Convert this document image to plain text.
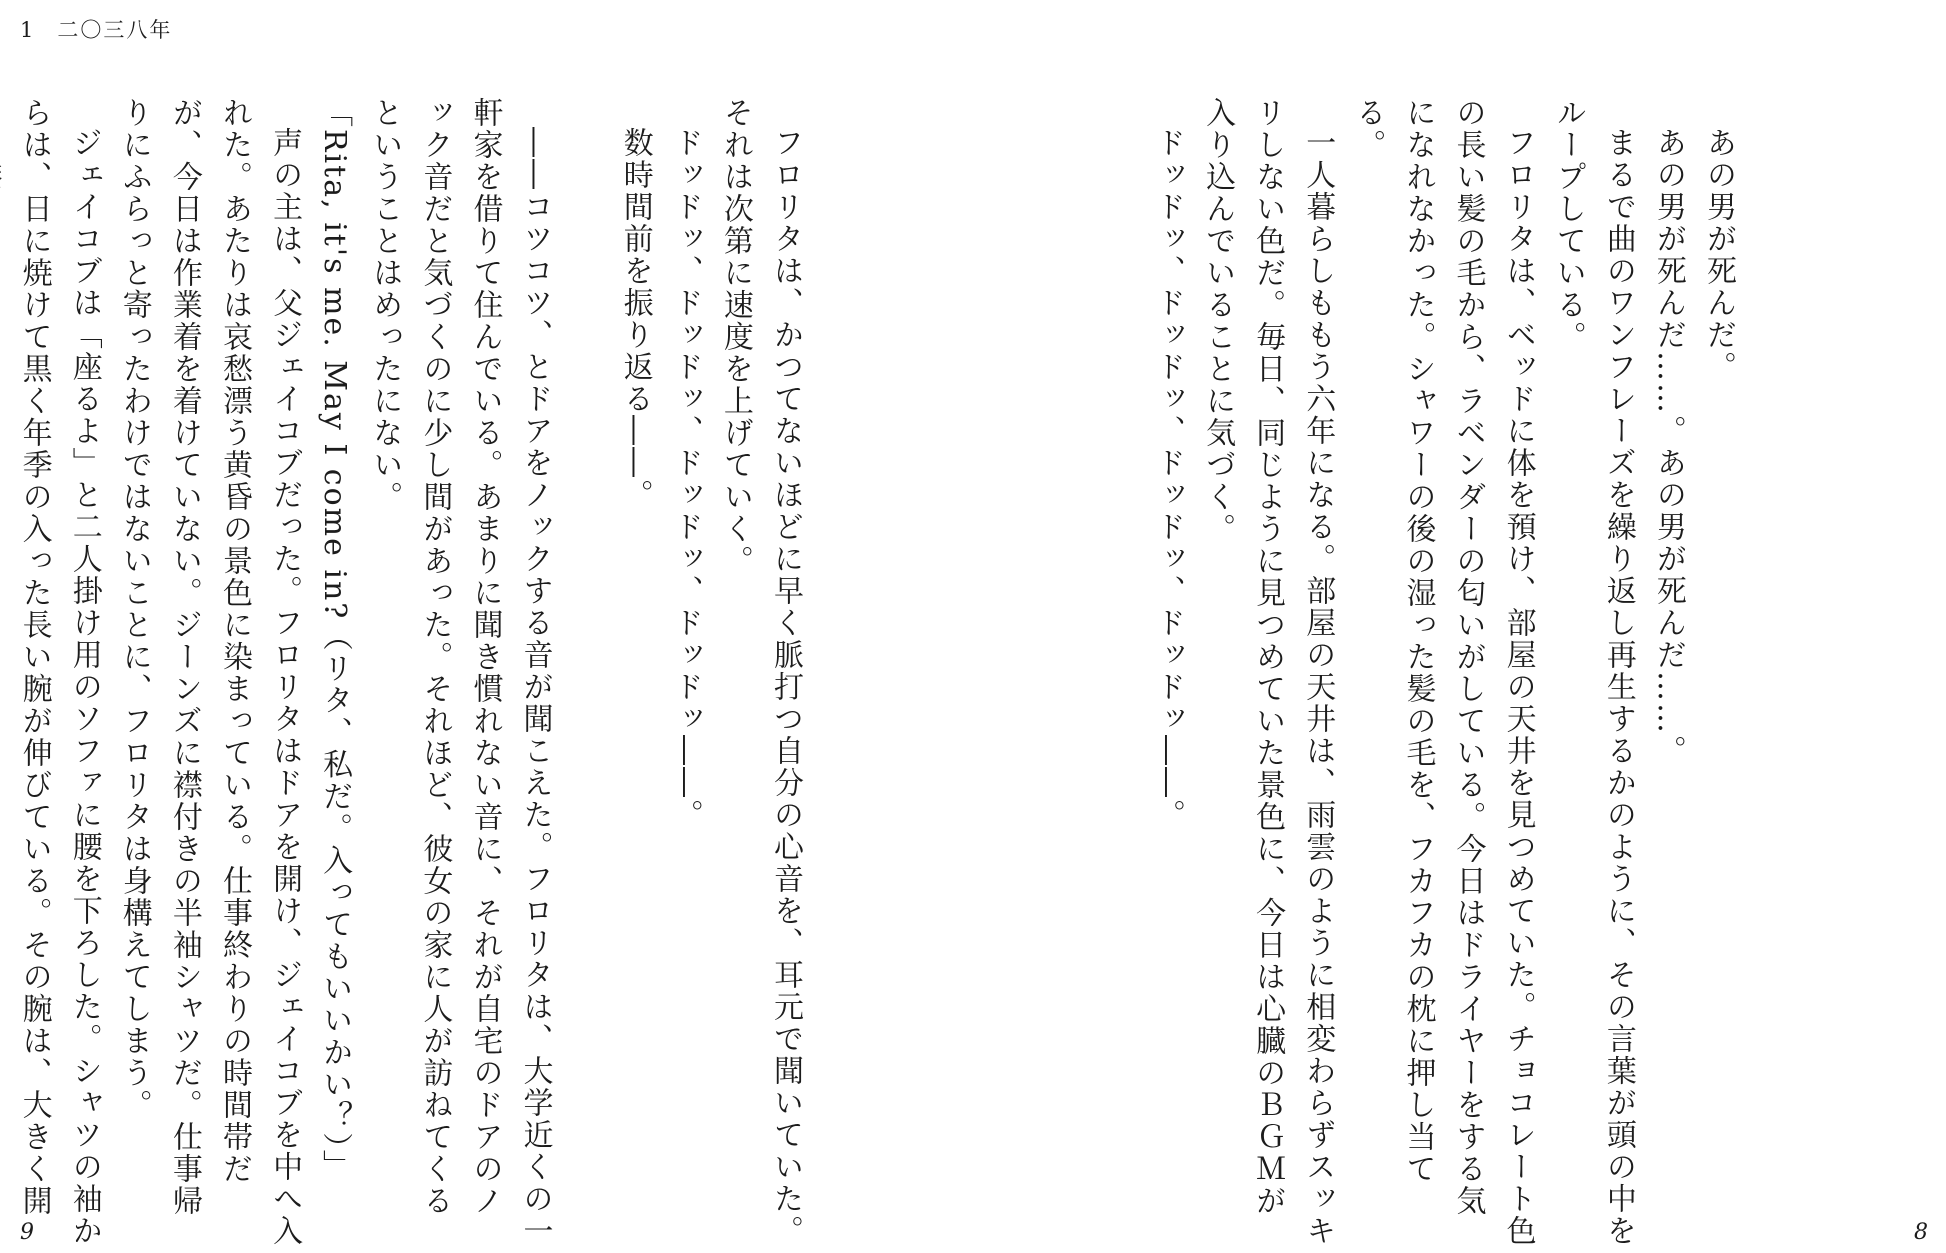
1 二〇三八年

あの男が死んだ。

あの男が死んだ……。あの男が死んだ……。

まるで曲のワンフレーズを繰り返し再生するかのように、その言葉が頭の中をループしている。

フロリタは、ベッドに体を預け、部屋の天井を見つめていた。チョコレート色の長い髪の毛から、ラベンダーの匂いがしている。今日はドライヤーをする気になれなかった。シャワーの後の湿った髪の毛を、フカフカの枕に押し当てる。

一人暮らしももう六年になる。部屋の天井は、雨雲のように相変わらずスッキリしない色だ。毎日、同じように見つめていた景色に、今日は心臓のＢＧＭが入り込んでいることに気づく。

ドッドッ、ドッドッ、ドッドッ、ドッドッ――。

フロリタは、かつてないほどに早く脈打つ自分の心音を、耳元で聞いていた。それは次第に速度を上げていく。

ドッドッ、ドッドッ、ドッドッ、ドッドッ――。

数時間前を振り返る――。

――コツコツ、とドアをノックする音が聞こえた。フロリタは、大学近くの一軒家を借りて住んでいる。あまりに聞き慣れない音に、それが自宅のドアのノック音だと気づくのに少し間があった。それほど、彼女の家に人が訪ねてくるということはめったにない。

「Rita, it's me. May I come in?（リタ、私だ。入ってもいいかい？）」

声の主は、父ジェイコブだった。フロリタはドアを開け、ジェイコブを中へ入れた。あたりは哀愁漂う黄昏の景色に染まっている。仕事終わりの時間帯だが、今日は作業着を着けていない。ジーンズに襟付きの半袖シャツだ。仕事帰りにふらっと寄ったわけではないことに、フロリタは身構えてしまう。

ジェイコブは「座るよ」と二人掛け用のソファに腰を下ろした。シャツの袖からは、日に焼けて黒く年季の入った長い腕が伸びている。その腕は、大きく開

9	8
